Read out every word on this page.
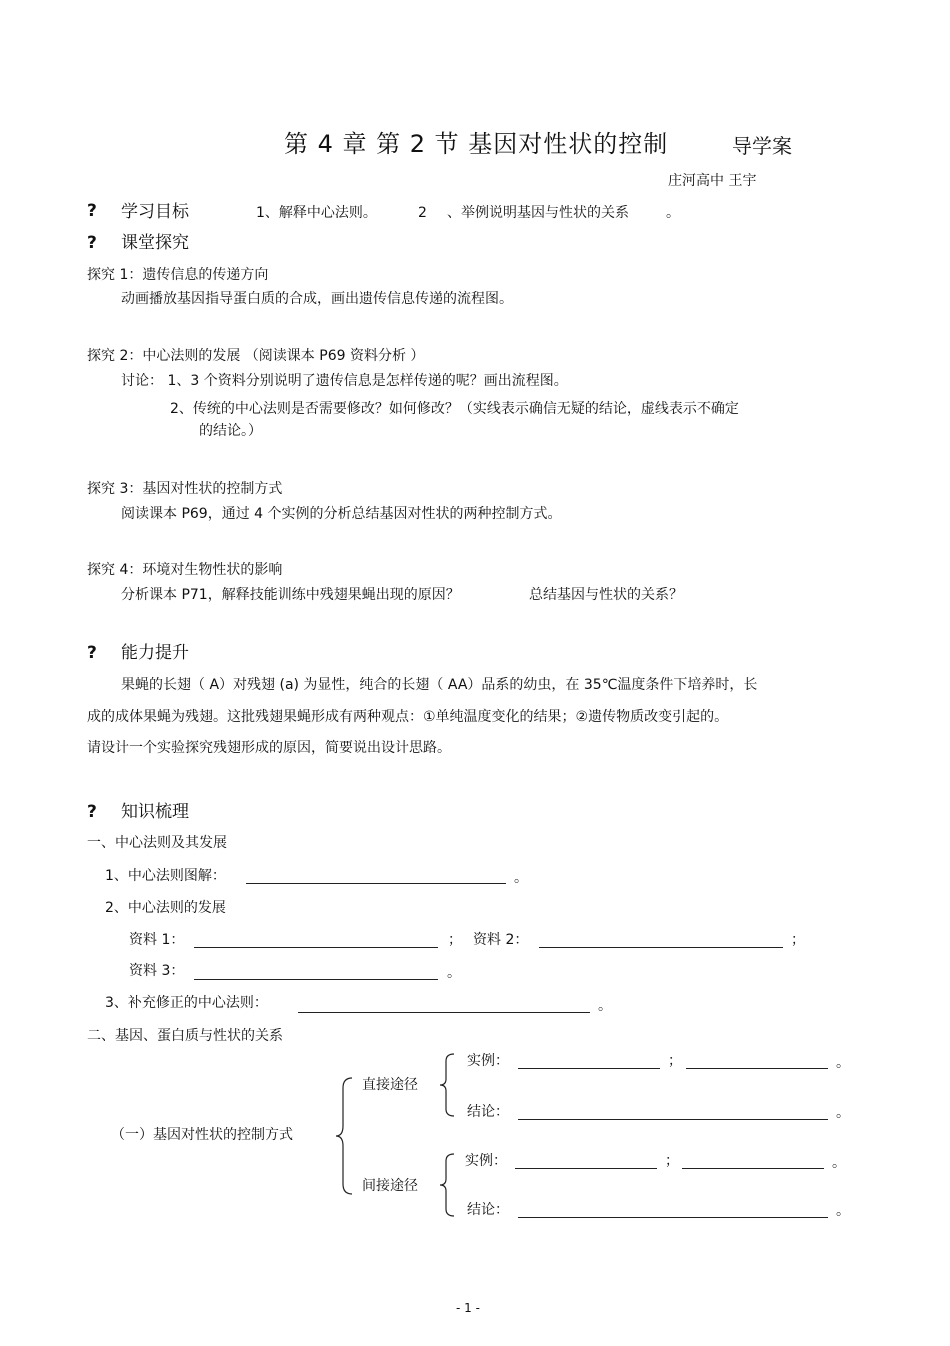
第 4 章 第 2 节 基因对性状的控制	导学案
庄河高中 王宇
? 学习目标	1、解释中心法则。	2 、举例说明基因与性状的关系	。
? 课堂探究
探究 1：遗传信息的传递方向
动画播放基因指导蛋白质的合成，画出遗传信息传递的流程图。
探究 2：中心法则的发展 （阅读课本 P69 资料分析 ）
讨论： 1、3 个资料分别说明了遗传信息是怎样传递的呢？画出流程图。
2、传统的中心法则是否需要修改？如何修改？（实线表示确信无疑的结论，虚线表示不确定
的结论。）
探究 3：基因对性状的控制方式
阅读课本 P69，通过 4 个实例的分析总结基因对性状的两种控制方式。
探究 4：环境对生物性状的影响
分析课本 P71，解释技能训练中残翅果蝇出现的原因？	总结基因与性状的关系？
? 能力提升
果蝇的长翅（ A）对残翅 (a) 为显性，纯合的长翅（ AA）品系的幼虫，在 35℃温度条件下培养时，长
成的成体果蝇为残翅。这批残翅果蝇形成有两种观点：①单纯温度变化的结果；②遗传物质改变引起的。
请设计一个实验探究残翅形成的原因，简要说出设计思路。
? 知识梳理
一、中心法则及其发展
1、中心法则图解：	。
2、中心法则的发展
资料 1：	； 资料 2：	；
资料 3：	。
3、补充修正的中心法则：	。
二、基因、蛋白质与性状的关系
（一）基因对性状的控制方式
直接途径
间接途径
实例：	；	。
结论：	。
实例：	；	。
结论：	。
- 1 -
